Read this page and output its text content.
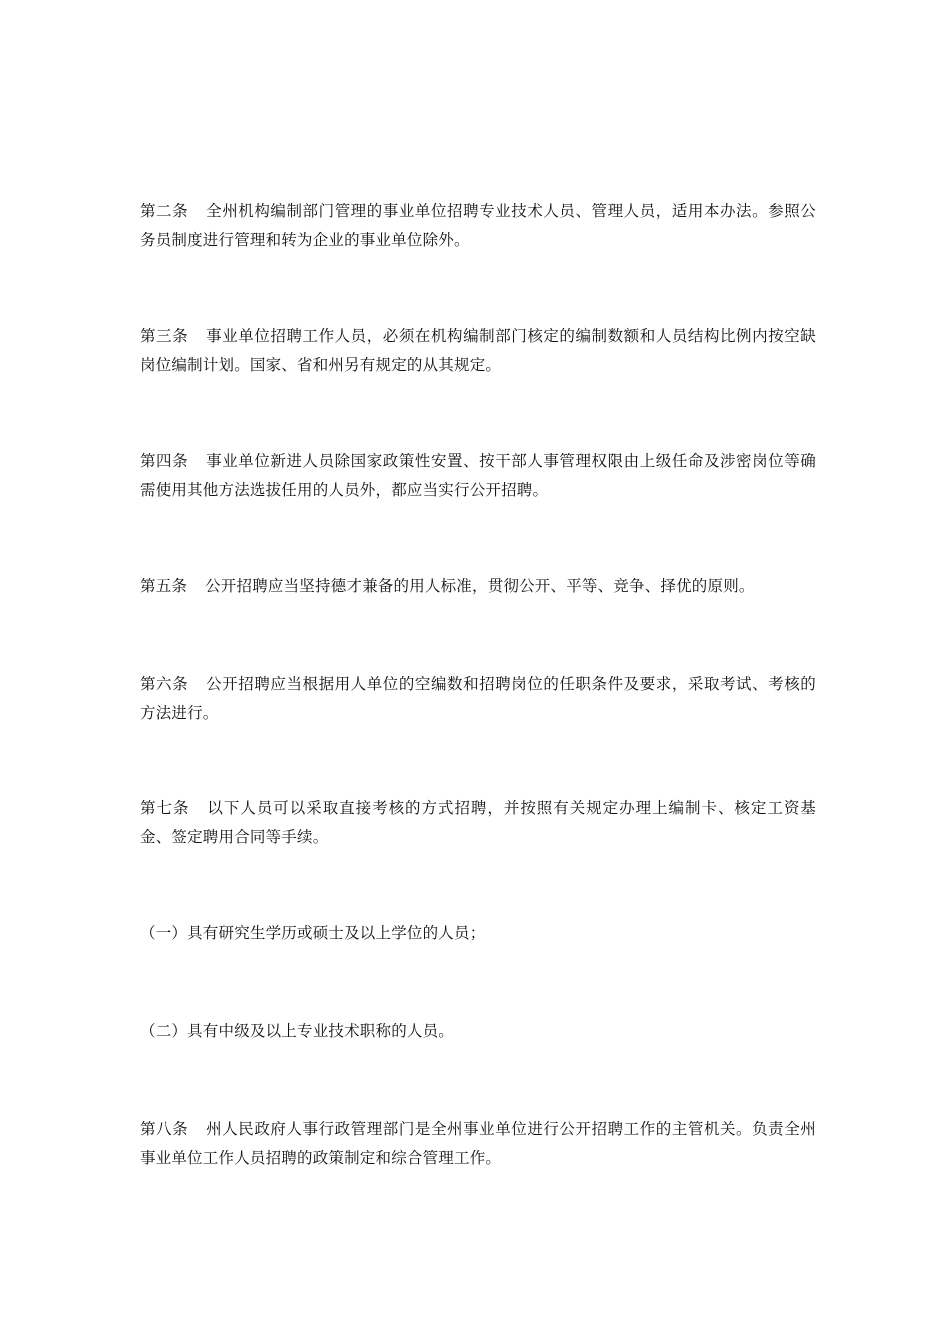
第二条 全州机构编制部门管理的事业单位招聘专业技术人员、管理人员，适用本办法。参照公务员制度进行管理和转为企业的事业单位除外。

第三条 事业单位招聘工作人员，必须在机构编制部门核定的编制数额和人员结构比例内按空缺岗位编制计划。国家、省和州另有规定的从其规定。

第四条 事业单位新进人员除国家政策性安置、按干部人事管理权限由上级任命及涉密岗位等确需使用其他方法选拔任用的人员外，都应当实行公开招聘。

第五条 公开招聘应当坚持德才兼备的用人标准，贯彻公开、平等、竞争、择优的原则。

第六条 公开招聘应当根据用人单位的空编数和招聘岗位的任职条件及要求，采取考试、考核的方法进行。

第七条 以下人员可以采取直接考核的方式招聘，并按照有关规定办理上编制卡、核定工资基金、签定聘用合同等手续。

（一）具有研究生学历或硕士及以上学位的人员；

（二）具有中级及以上专业技术职称的人员。

第八条 州人民政府人事行政管理部门是全州事业单位进行公开招聘工作的主管机关。负责全州事业单位工作人员招聘的政策制定和综合管理工作。
